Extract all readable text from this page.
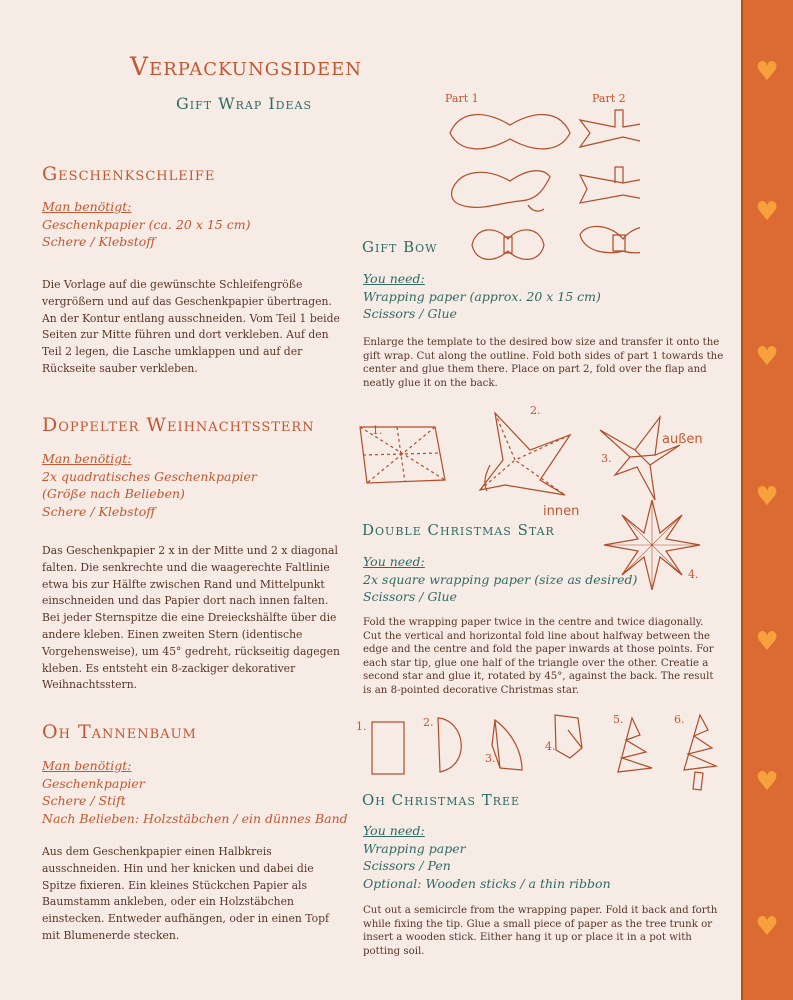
♥
♥
♥
♥
♥
♥
♥
Verpackungsideen
Gift Wrap Ideas
Geschenkschleife
Man benötigt:
Geschenkpapier (ca. 20 x 15 cm)
Schere / Klebstoff
Die Vorlage auf die gewünschte Schleifengröße vergrößern und auf das Geschenkpapier übertragen. An der Kontur entlang ausschneiden. Vom Teil 1 beide Seiten zur Mitte führen und dort verkleben. Auf den Teil 2 legen, die Lasche umklappen und auf der Rückseite sauber verkleben.
Part 1	Part 2
Gift Bow
You need:
Wrapping paper (approx. 20 x 15 cm)
Scissors / Glue
Enlarge the template to the desired bow size and transfer it onto the gift wrap. Cut along the outline. Fold both sides of part 1 towards the center and glue them there. Place on part 2, fold over the flap and neatly glue it on the back.
Doppelter Weihnachtsstern
Man benötigt:
2x quadratisches Geschenkpapier
(Größe nach Belieben)
Schere / Klebstoff
Das Geschenkpapier 2 x in der Mitte und 2 x diagonal falten. Die senkrechte und die waagerechte Faltlinie etwa bis zur Hälfte zwischen Rand und Mittelpunkt einschneiden und das Papier dort nach innen falten. Bei jeder Sternspitze die eine Dreieckshälfte über die andere kleben. Einen zweiten Stern (identische Vorgehensweise), um 45° gedreht, rückseitig dagegen kleben. Es entsteht ein 8-zackiger dekorativer Weihnachtsstern.
1.
2.
3.
4.
außen
innen
Double Christmas Star
You need:
2x square wrapping paper (size as desired)
Scissors / Glue
Fold the wrapping paper twice in the centre and twice diagonally. Cut the vertical and horizontal fold line about halfway between the edge and the centre and fold the paper inwards at those points. For each star tip, glue one half of the triangle over the other. Creatie a second star and glue it, rotated by 45°, against the back. The result is an 8-pointed decorative Christmas star.
Oh Tannenbaum
Man benötigt:
Geschenkpapier
Schere / Stift
Nach Belieben: Holzstäbchen / ein dünnes Band
Aus dem Geschenkpapier einen Halbkreis ausschneiden. Hin und her knicken und dabei die Spitze fixieren. Ein kleines Stückchen Papier als Baumstamm ankleben, oder ein Holzstäbchen einstecken. Entweder aufhängen, oder in einen Topf mit Blumenerde stecken.
1.	2.
3.
4.
5.	6.
Oh Christmas Tree
You need:
Wrapping paper
Scissors / Pen
Optional: Wooden sticks / a thin ribbon
Cut out a semicircle from the wrapping paper. Fold it back and forth while fixing the tip. Glue a small piece of paper as the tree trunk or insert a wooden stick. Either hang it up or place it in a pot with potting soil.
